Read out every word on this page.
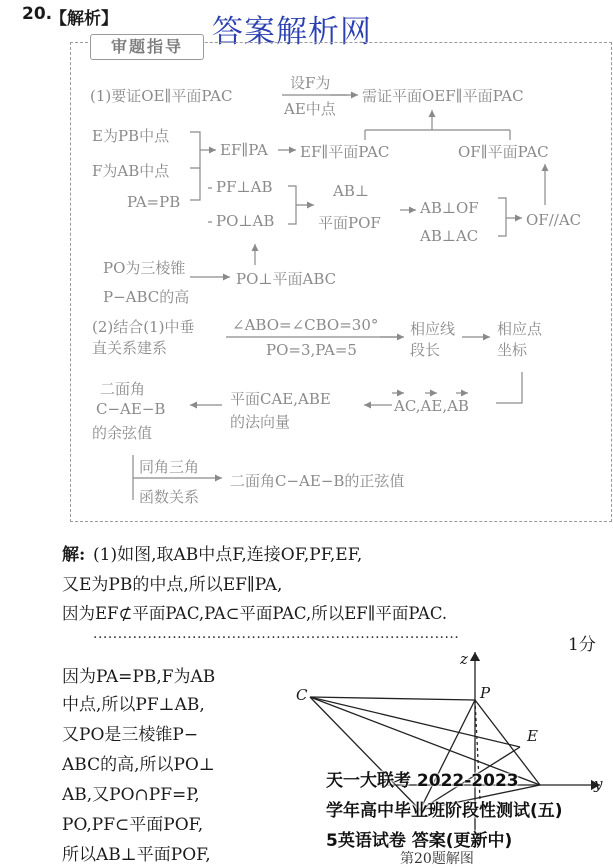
20.
【解析】	答案解析网
审题指导
(1)要证OE∥平面PAC
设F为
AE中点
需证平面OEF∥平面PAC
E为PB中点
F为AB中点
EF∥PA EF∥平面PAC	OF∥平面PAC
PA=PB
PF⊥AB
PO⊥AB
AB⊥
平面POF
AB⊥OF
AB⊥AC
OF//AC
PO为三棱锥
P−ABC的高
PO⊥平面ABC
(2)结合(1)中垂
直关系建系
∠ABO=∠CBO=30°
PO=3,PA=5
相应线
段长
相应点
坐标
二面角
C−AE−B
的余弦值
平面CAE,ABE
的法向量
AC,AE,AB
同角三角
函数关系
二面角C−AE−B的正弦值
解: (1)如图,取AB中点F,连接OF,PF,EF,
又E为PB的中点,所以EF∥PA,
因为EF⊄平面PAC,PA⊂平面PAC,所以EF∥平面PAC.
··········································································	1分
因为PA=PB,F为AB
中点,所以PF⊥AB,
又PO是三棱锥P−
ABC的高,所以PO⊥
AB,又PO∩PF=P,
PO,PF⊂平面POF,
所以AB⊥平面POF,
z
y
P
C
E
第20题解图
天一大联考 2022-2023
学年高中毕业班阶段性测试(五)
5英语试卷 答案(更新中)
